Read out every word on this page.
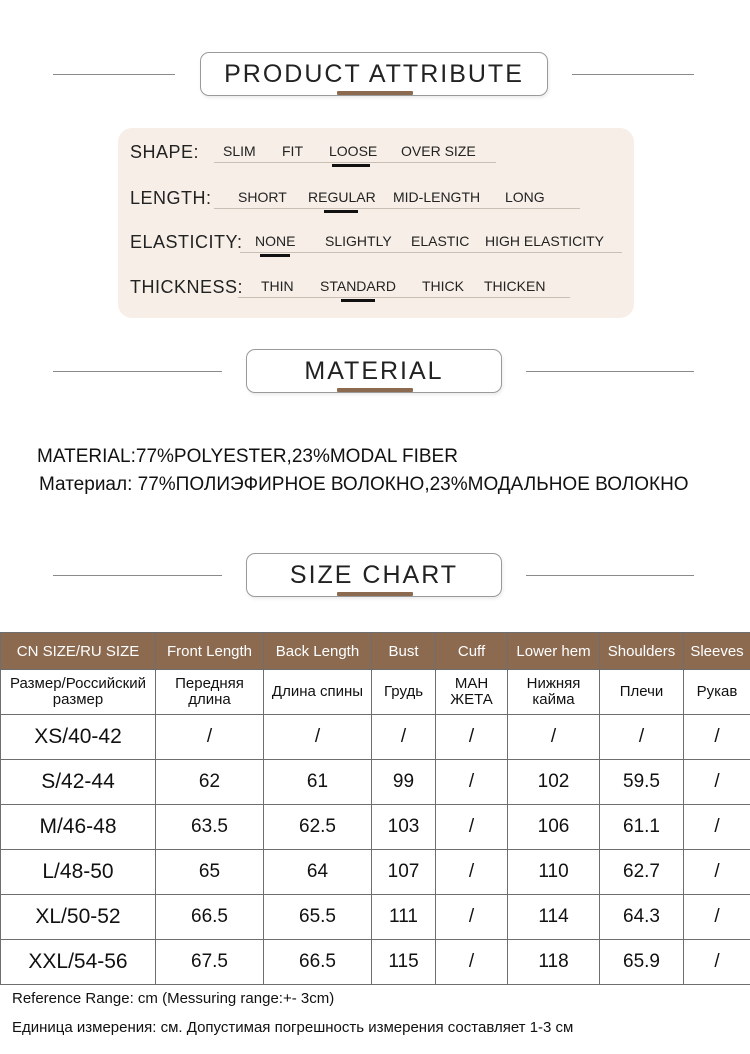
PRODUCT ATTRIBUTE
SHAPE: SLIM FIT LOOSE OVER SIZE
LENGTH: SHORT REGULAR MID-LENGTH LONG
ELASTICITY: NONE SLIGHTLY ELASTIC HIGH ELASTICITY
THICKNESS: THIN STANDARD THICK THICKEN
MATERIAL
MATERIAL:77%POLYESTER,23%MODAL FIBER
Материал: 77%ПОЛИЭФИРНОЕ ВОЛОКНО,23%МОДАЛЬНОЕ ВОЛОКНО
SIZE CHART
CN SIZE/RU SIZE	Front Length	Back Length	Bust	Cuff	Lower hem	Shoulders	Sleeves
Размер/Российский размер	Передняя длина	Длина спины	Грудь	МАН ЖЕТА	Нижняя кайма	Плечи	Рукав
XS/40-42	/	/	/	/	/	/	/
S/42-44	62	61	99	/	102	59.5	/
M/46-48	63.5	62.5	103	/	106	61.1	/
L/48-50	65	64	107	/	110	62.7	/
XL/50-52	66.5	65.5	111	/	114	64.3	/
XXL/54-56	67.5	66.5	115	/	118	65.9	/
Reference Range: cm (Messuring range:+- 3cm)
Единица измерения: см. Допустимая погрешность измерения составляет 1-3 см
